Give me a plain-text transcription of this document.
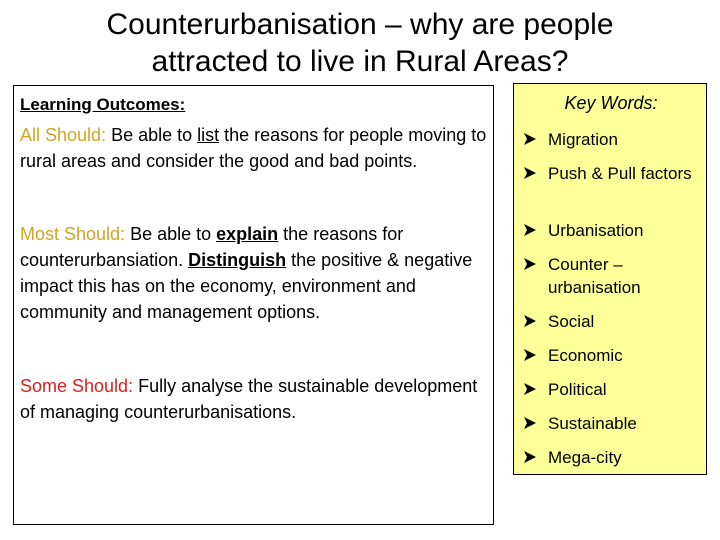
Counterurbanisation – why are people
attracted to live in Rural Areas?

Learning Outcomes:

All Should: Be able to list the reasons for people moving to rural areas and consider the good and bad points.

Most Should: Be able to explain the reasons for counterurbansiation. Distinguish the positive & negative impact this has on the economy, environment and community and management options.

Some Should: Fully analyse the sustainable development of managing counterurbanisations.

Key Words:

Migration
Push & Pull factors
Urbanisation
Counter – urbanisation
Social
Economic
Political
Sustainable
Mega-city
